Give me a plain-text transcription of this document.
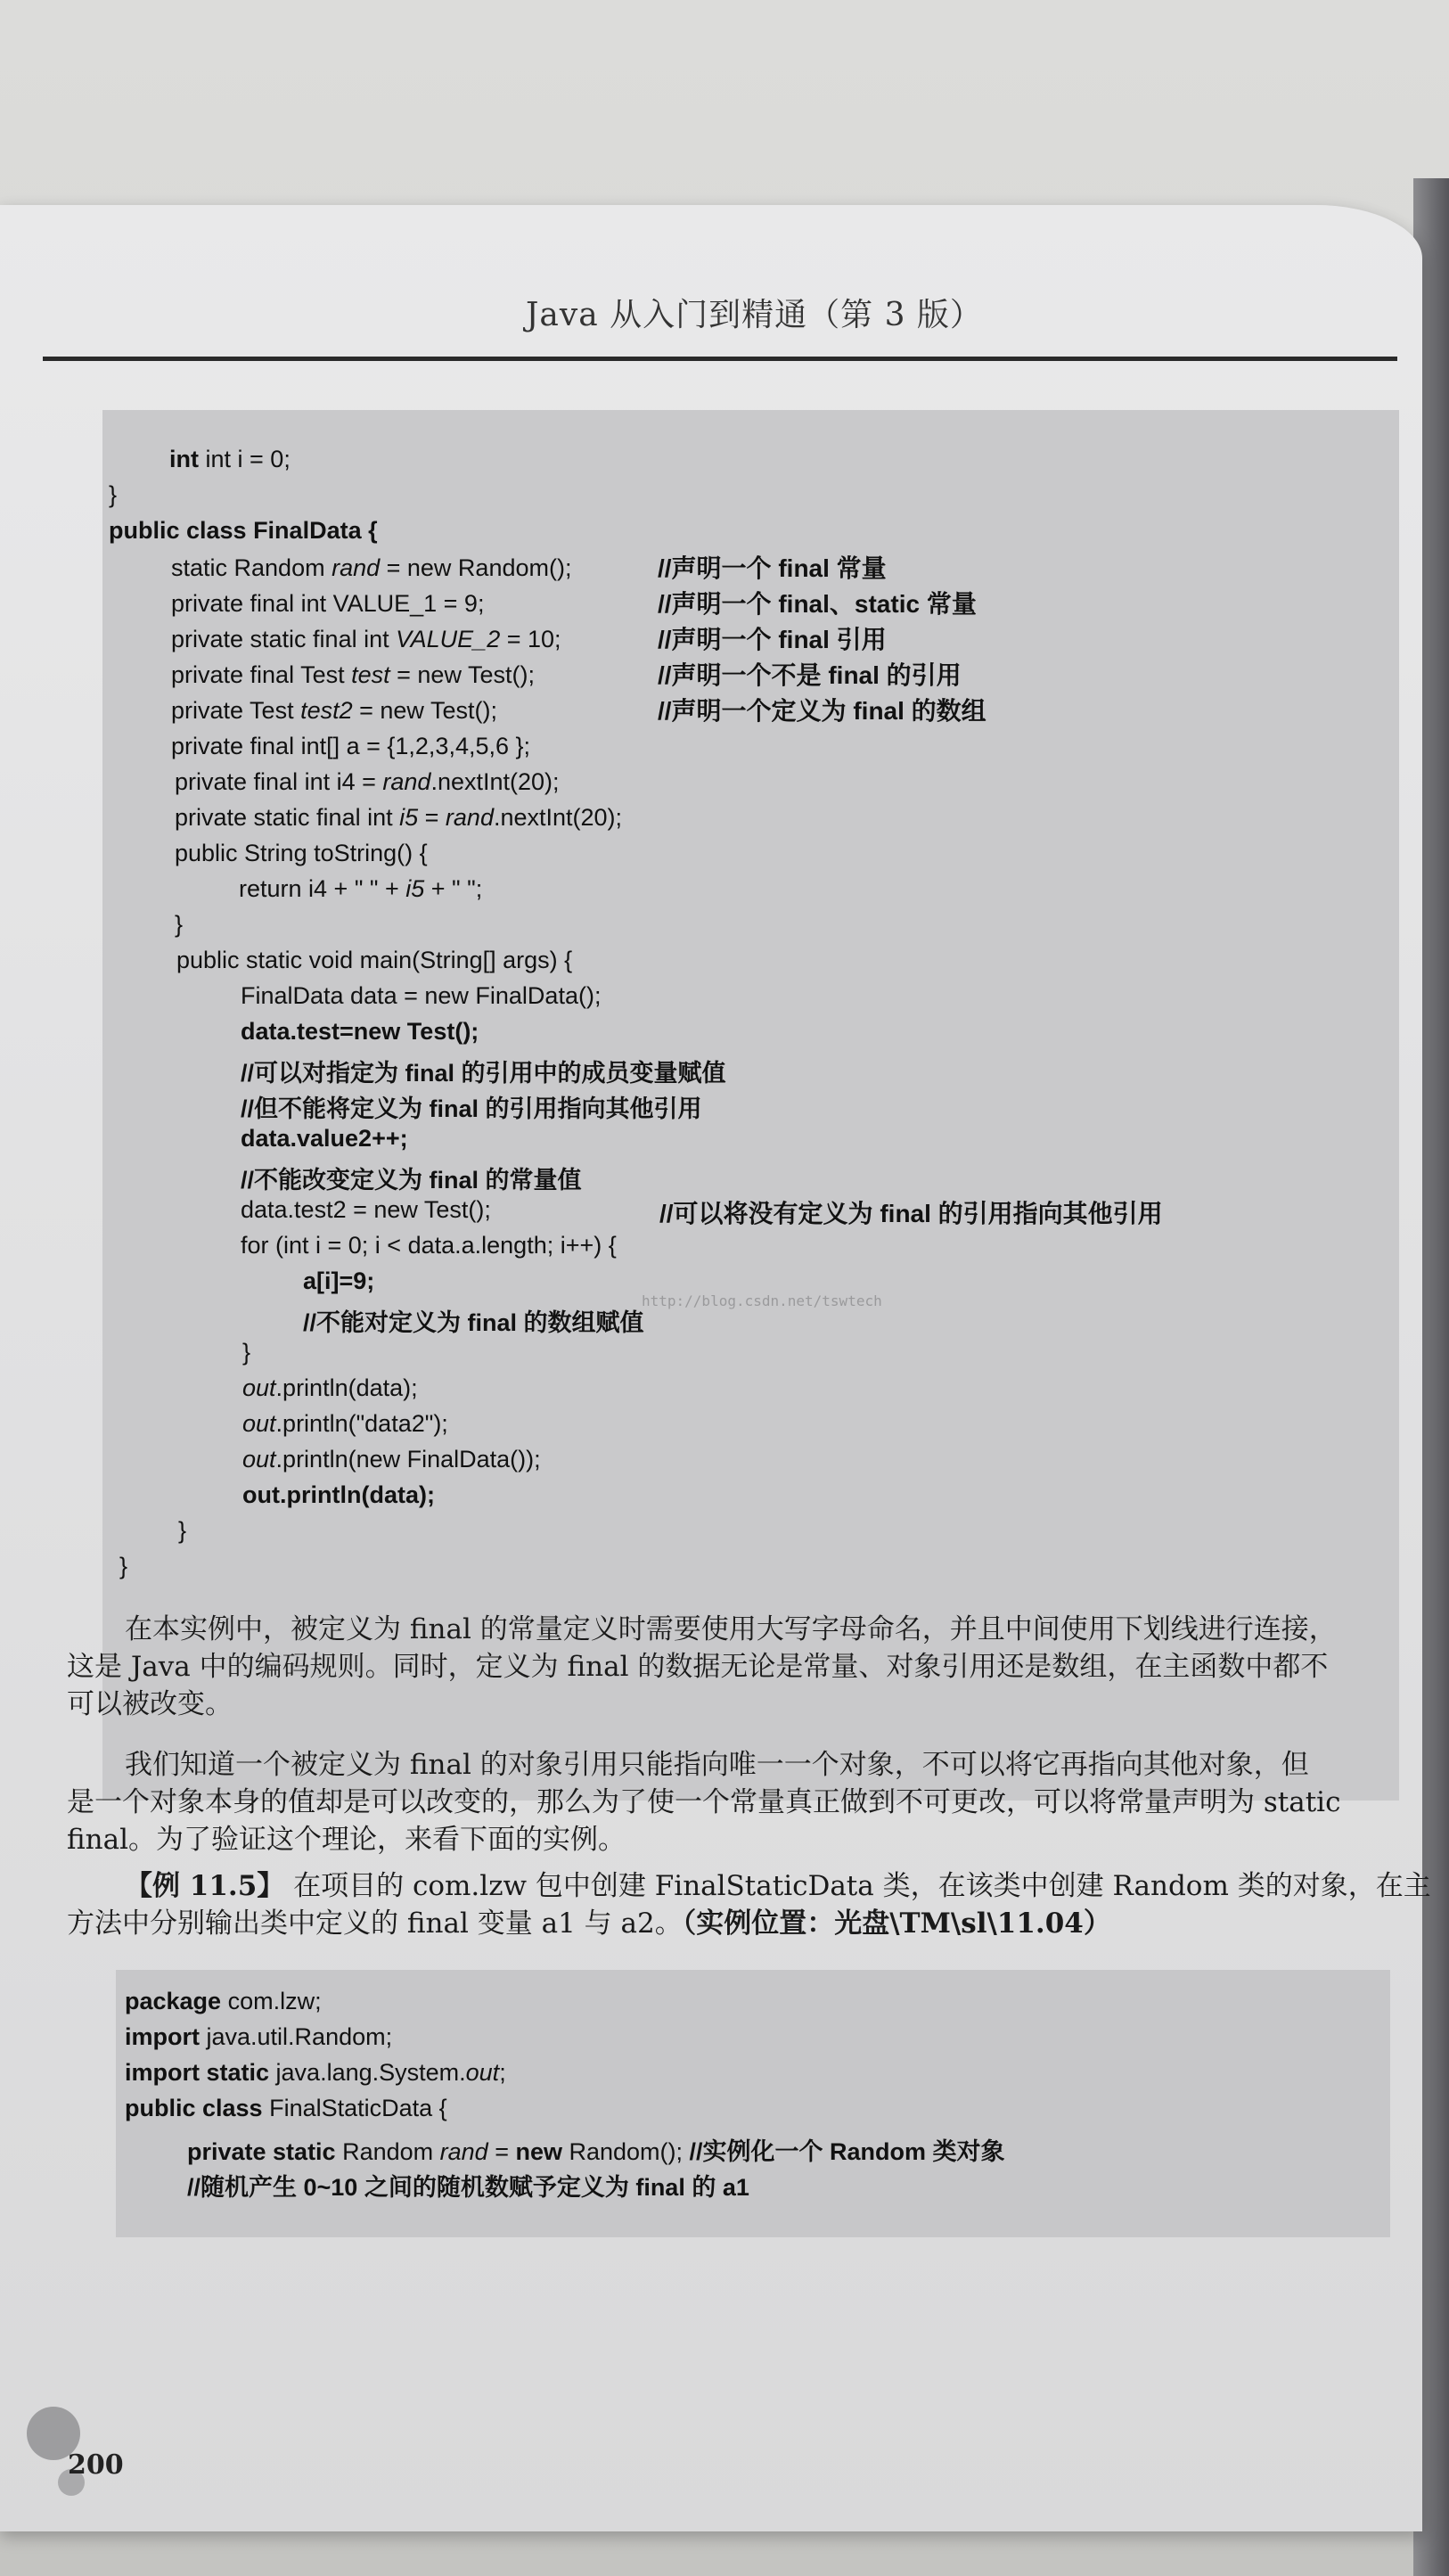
Java 从入门到精通（第 3 版）
int int i = 0;
}
public class FinalData {
static Random rand = new Random();
private final int VALUE_1 = 9;
private static final int VALUE_2 = 10;
private final Test test = new Test();
private Test test2 = new Test();
private final int[] a = {1,2,3,4,5,6 };
private final int i4 = rand.nextInt(20);
private static final int i5 = rand.nextInt(20);
public String toString() {
return i4 + " " + i5 + " ";
}
public static void main(String[] args) {
FinalData data = new FinalData();
data.test=new Test();
//可以对指定为 final 的引用中的成员变量赋值
//但不能将定义为 final 的引用指向其他引用
data.value2++;
//不能改变定义为 final 的常量值
data.test2 = new Test();
for (int i = 0; i < data.a.length; i++) {
a[i]=9;
//不能对定义为 final 的数组赋值
}
out.println(data);
out.println("data2");
out.println(new FinalData());
out.println(data);
}
}
//声明一个 final 常量
//声明一个 final、static 常量
//声明一个 final 引用
//声明一个不是 final 的引用
//声明一个定义为 final 的数组
//可以将没有定义为 final 的引用指向其他引用
http://blog.csdn.net/tswtech
在本实例中，被定义为 final 的常量定义时需要使用大写字母命名，并且中间使用下划线进行连接，
这是 Java 中的编码规则。同时，定义为 final 的数据无论是常量、对象引用还是数组，在主函数中都不
可以被改变。
我们知道一个被定义为 final 的对象引用只能指向唯一一个对象，不可以将它再指向其他对象，但
是一个对象本身的值却是可以改变的，那么为了使一个常量真正做到不可更改，可以将常量声明为 static
final。为了验证这个理论，来看下面的实例。
【例 11.5】 在项目的 com.lzw 包中创建 FinalStaticData 类，在该类中创建 Random 类的对象，在主
方法中分别输出类中定义的 final 变量 a1 与 a2。（实例位置：光盘\TM\sl\11.04）
package com.lzw;
import java.util.Random;
import static java.lang.System.out;
public class FinalStaticData {
private static Random rand = new Random(); //实例化一个 Random 类对象
//随机产生 0~10 之间的随机数赋予定义为 final 的 a1
200
